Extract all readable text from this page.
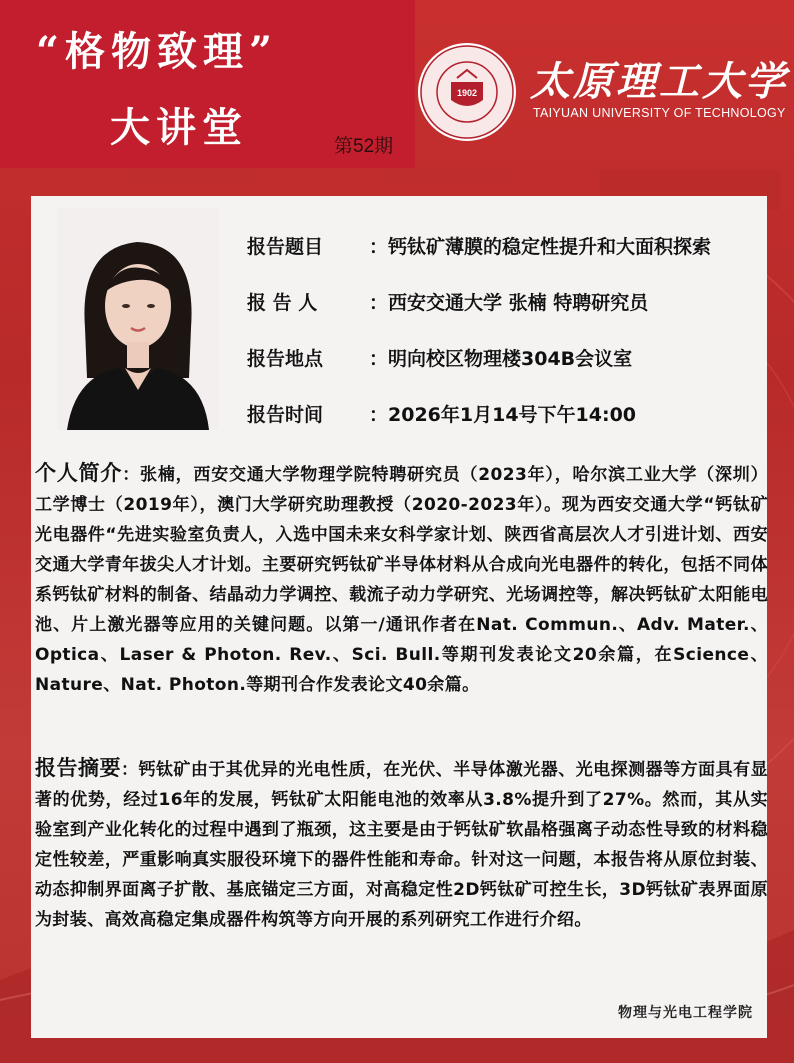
“格物致理”
大讲堂	第52期
1902 太原理工大学
TAIYUAN UNIVERSITY OF TECHNOLOGY
报告题目 ：钙钛矿薄膜的稳定性提升和大面积探索
报 告 人	：西安交通大学 张楠 特聘研究员
报告地点 ：明向校区物理楼304B会议室
报告时间 ：2026年1月14号下午14:00
个人简介：张楠，西安交通大学物理学院特聘研究员（2023年），哈尔滨工业大学（深圳）工学博士（2019年），澳门大学研究助理教授（2020-2023年）。现为西安交通大学“钙钛矿光电器件“先进实验室负责人，入选中国未来女科学家计划、陕西省高层次人才引进计划、西安交通大学青年拔尖人才计划。主要研究钙钛矿半导体材料从合成向光电器件的转化，包括不同体系钙钛矿材料的制备、结晶动力学调控、载流子动力学研究、光场调控等，解决钙钛矿太阳能电池、片上激光器等应用的关键问题。以第一/通讯作者在Nat. Commun.、Adv. Mater.、Optica、Laser & Photon. Rev.、Sci. Bull.等期刊发表论文20余篇，在Science、Nature、Nat. Photon.等期刊合作发表论文40余篇。
报告摘要：钙钛矿由于其优异的光电性质，在光伏、半导体激光器、光电探测器等方面具有显著的优势，经过16年的发展，钙钛矿太阳能电池的效率从3.8%提升到了27%。然而，其从实验室到产业化转化的过程中遇到了瓶颈，这主要是由于钙钛矿软晶格强离子动态性导致的材料稳定性较差，严重影响真实服役环境下的器件性能和寿命。针对这一问题，本报告将从原位封装、动态抑制界面离子扩散、基底锚定三方面，对高稳定性2D钙钛矿可控生长，3D钙钛矿表界面原为封装、高效高稳定集成器件构筑等方向开展的系列研究工作进行介绍。
物理与光电工程学院
